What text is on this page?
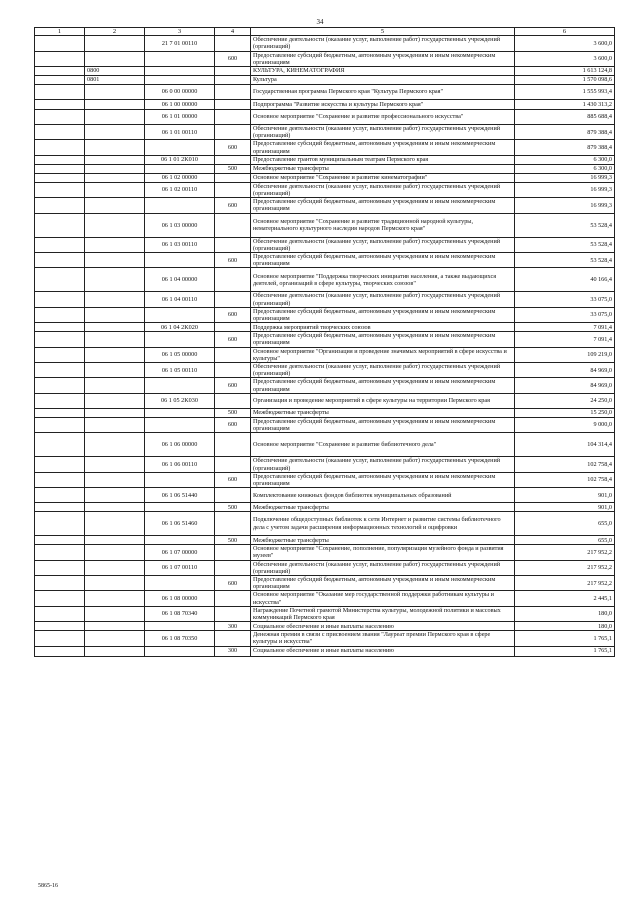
34
1	2	3	4	5	6
		21 7 01 00110		Обеспечение деятельности (оказание услуг, выполнение работ) государственных учреждений (организаций)	3 600,0
			600	Предоставление субсидий бюджетным, автономным учреждениям и иным некоммерческим организациям	3 600,0
	0800			КУЛЬТУРА, КИНЕМАТОГРАФИЯ	1 613 124,8
	0801			Культура	1 570 098,6
		06 0 00 00000		Государственная программа Пермского края "Культура Пермского края"	1 555 993,4
		06 1 00 00000		Подпрограмма "Развитие искусства и культуры Пермского края"	1 430 313,2
		06 1 01 00000		Основное мероприятие "Сохранение и развитие профессионального искусства"	885 688,4
		06 1 01 00110		Обеспечение деятельности (оказание услуг, выполнение работ) государственных учреждений (организаций)	879 388,4
			600	Предоставление субсидий бюджетным, автономным учреждениям и иным некоммерческим организациям	879 388,4
		06 1 01 2K010		Предоставление грантов муниципальным театрам Пермского края	6 300,0
			500	Межбюджетные трансферты	6 300,0
		06 1 02 00000		Основное мероприятие "Сохранение и развитие кинематографии"	16 999,3
		06 1 02 00110		Обеспечение деятельности (оказание услуг, выполнение работ) государственных учреждений (организаций)	16 999,3
			600	Предоставление субсидий бюджетным, автономным учреждениям и иным некоммерческим организациям	16 999,3
		06 1 03 00000		Основное мероприятие "Сохранение и развитие традиционной народной культуры, нематериального культурного наследия народов Пермского края"	53 528,4
		06 1 03 00110		Обеспечение деятельности (оказание услуг, выполнение работ) государственных учреждений (организаций)	53 528,4
			600	Предоставление субсидий бюджетным, автономным учреждениям и иным некоммерческим организациям	53 528,4
		06 1 04 00000		Основное мероприятие "Поддержка творческих инициатив населения, а также выдающихся деятелей, организаций в сфере культуры, творческих союзов"	40 166,4
		06 1 04 00110		Обеспечение деятельности (оказание услуг, выполнение работ) государственных учреждений (организаций)	33 075,0
			600	Предоставление субсидий бюджетным, автономным учреждениям и иным некоммерческим организациям	33 075,0
		06 1 04 2K020		Поддержка мероприятий творческих союзов	7 091,4
			600	Предоставление субсидий бюджетным, автономным учреждениям и иным некоммерческим организациям	7 091,4
		06 1 05 00000		Основное мероприятие "Организация и проведение значимых мероприятий в сфере искусства и культуры"	109 219,0
		06 1 05 00110		Обеспечение деятельности (оказание услуг, выполнение работ) государственных учреждений (организаций)	84 969,0
			600	Предоставление субсидий бюджетным, автономным учреждениям и иным некоммерческим организациям	84 969,0
		06 1 05 2K030		Организация и проведение мероприятий в сфере культуры на территории Пермского края	24 250,0
			500	Межбюджетные трансферты	15 250,0
			600	Предоставление субсидий бюджетным, автономным учреждениям и иным некоммерческим организациям	9 000,0
		06 1 06 00000		Основное мероприятие "Сохранение и развитие библиотечного дела"	104 314,4
		06 1 06 00110		Обеспечение деятельности (оказание услуг, выполнение работ) государственных учреждений (организаций)	102 758,4
			600	Предоставление субсидий бюджетным, автономным учреждениям и иным некоммерческим организациям	102 758,4
		06 1 06 51440		Комплектование книжных фондов библиотек муниципальных образований	901,0
			500	Межбюджетные трансферты	901,0
		06 1 06 51460		Подключение общедоступных библиотек к сети Интернет и развитие системы библиотечного дела с учетом задачи расширения информационных технологий и оцифровки	655,0
			500	Межбюджетные трансферты	655,0
		06 1 07 00000		Основное мероприятие "Сохранение, пополнение, популяризация музейного фонда и развития музеев"	217 952,2
		06 1 07 00110		Обеспечение деятельности (оказание услуг, выполнение работ) государственных учреждений (организаций)	217 952,2
			600	Предоставление субсидий бюджетным, автономным учреждениям и иным некоммерческим организациям	217 952,2
		06 1 08 00000		Основное мероприятие "Оказание мер государственной поддержки работникам культуры и искусства"	2 445,1
		06 1 08 70340		Награждение Почетной грамотой Министерства культуры, молодежной политики и массовых коммуникаций Пермского края	180,0
			300	Социальное обеспечение и иные выплаты населению	180,0
		06 1 08 70350		Денежная премия в связи с присвоением звания "Лауреат премии Пермского края в сфере культуры и искусства"	1 765,1
			300	Социальное обеспечение и иные выплаты населению	1 765,1
5865-16
